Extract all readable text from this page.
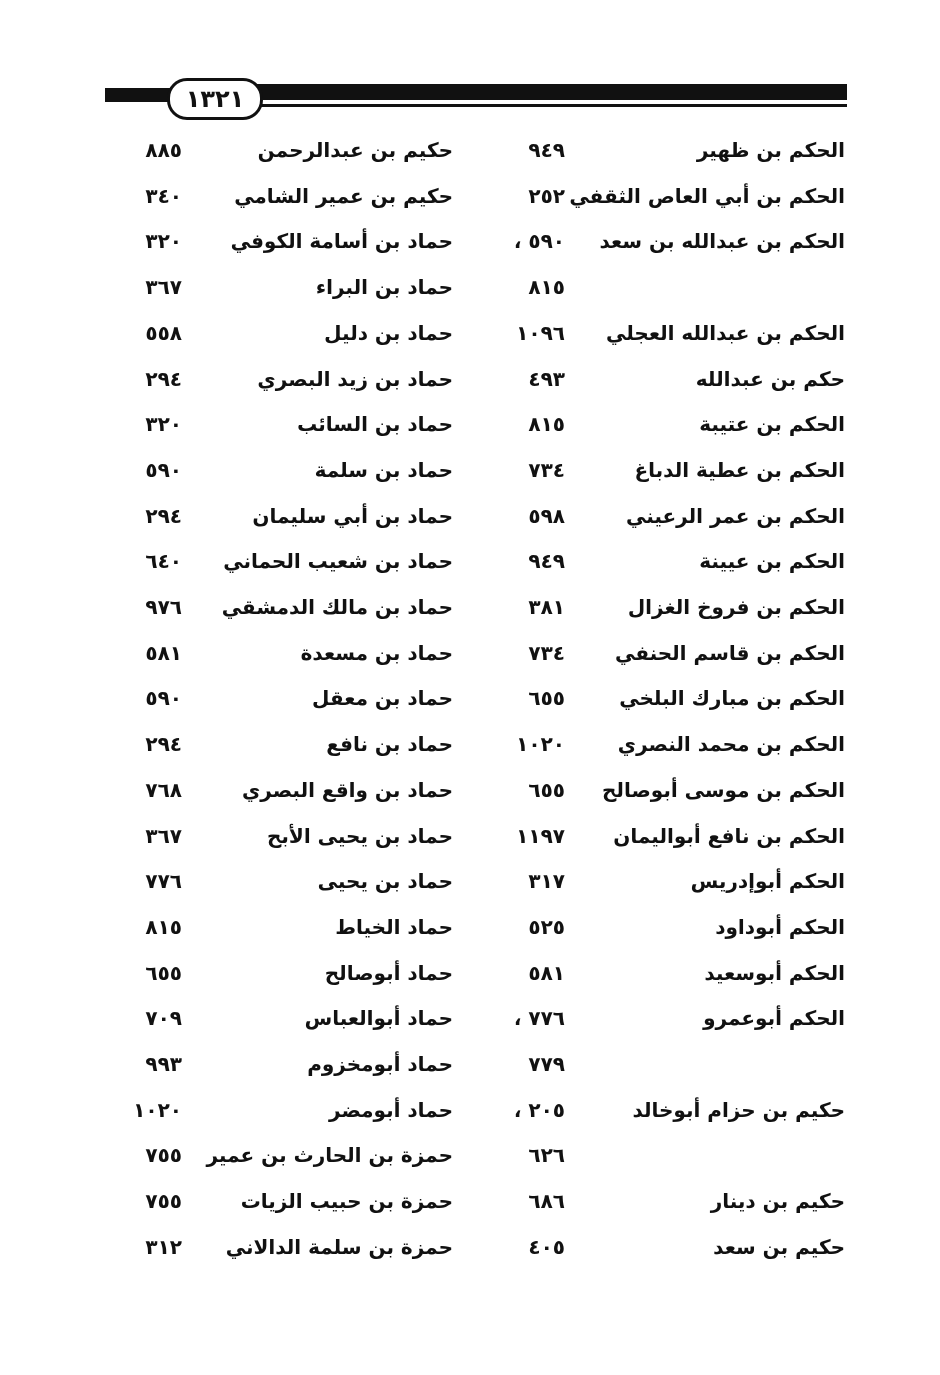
١٣٢١
الحكم بن ظهير
٩٤٩
حكيم بن عبدالرحمن
٨٨٥
الحكم بن أبي العاص الثقفي
٢٥٢
حكيم بن عمير الشامي
٣٤٠
الحكم بن عبدالله بن سعد
٥٩٠ ،
حماد بن أسامة الكوفي
٣٢٠
٨١٥
حماد بن البراء
٣٦٧
الحكم بن عبدالله العجلي
١٠٩٦
حماد بن دليل
٥٥٨
حكم بن عبدالله
٤٩٣
حماد بن زيد البصري
٢٩٤
الحكم بن عتيبة
٨١٥
حماد بن السائب
٣٢٠
الحكم بن عطية الدباغ
٧٣٤
حماد بن سلمة
٥٩٠
الحكم بن عمر الرعيني
٥٩٨
حماد بن أبي سليمان
٢٩٤
الحكم بن عيينة
٩٤٩
حماد بن شعيب الحماني
٦٤٠
الحكم بن فروخ الغزال
٣٨١
حماد بن مالك الدمشقي
٩٧٦
الحكم بن قاسم الحنفي
٧٣٤
حماد بن مسعدة
٥٨١
الحكم بن مبارك البلخي
٦٥٥
حماد بن معقل
٥٩٠
الحكم بن محمد النصري
١٠٢٠
حماد بن نافع
٢٩٤
الحكم بن موسى أبوصالح
٦٥٥
حماد بن واقع البصري
٧٦٨
الحكم بن نافع أبواليمان
١١٩٧
حماد بن يحيى الأبح
٣٦٧
الحكم أبوإدريس
٣١٧
حماد بن يحيى
٧٧٦
الحكم أبوداود
٥٢٥
حماد الخياط
٨١٥
الحكم أبوسعيد
٥٨١
حماد أبوصالح
٦٥٥
الحكم أبوعمرو
٧٧٦ ،
حماد أبوالعباس
٧٠٩
٧٧٩
حماد أبومخزوم
٩٩٣
حكيم بن حزام أبوخالد
٢٠٥ ،
حماد أبومضر
١٠٢٠
٦٢٦
حمزة بن الحارث بن عمير
٧٥٥
حكيم بن دينار
٦٨٦
حمزة بن حبيب الزيات
٧٥٥
حكيم بن سعد
٤٠٥
حمزة بن سلمة الدالاني
٣١٢
